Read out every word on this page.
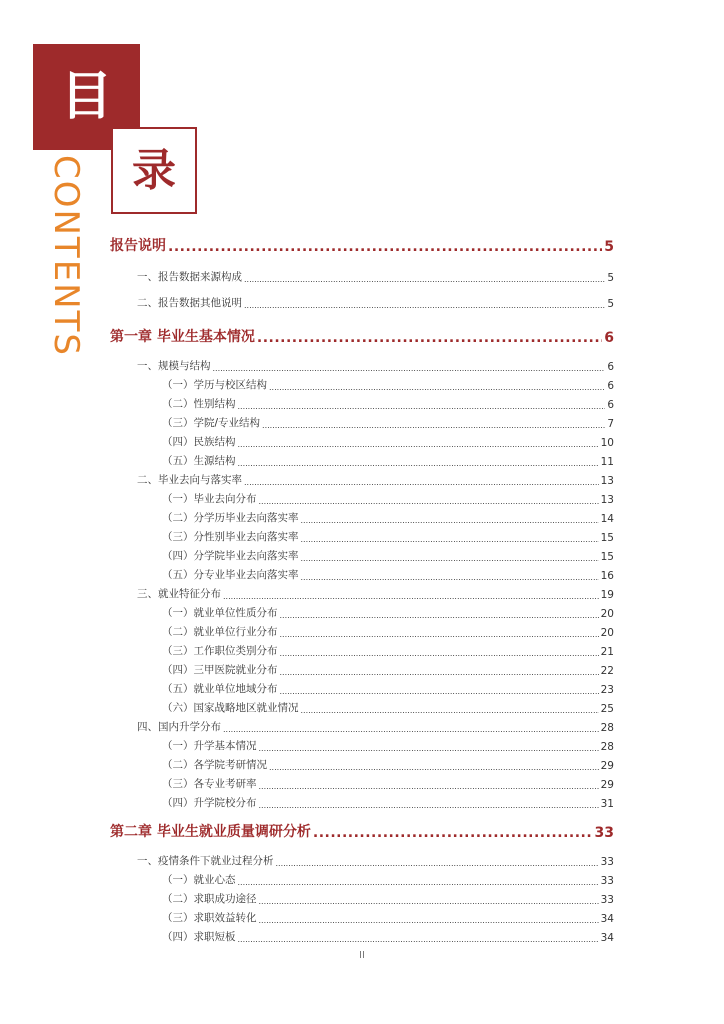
目
录
CONTENTS 报告说明 .....	5
一、报告数据来源构成 .....	5
二、报告数据其他说明 .....	5
第一章 毕业生基本情况 .....	6
一、规模与结构 .....	6
（一）学历与校区结构 .....	6
（二）性别结构 .....	6
（三）学院/专业结构 .....	7
（四）民族结构 .....	10
（五）生源结构 .....	11
二、毕业去向与落实率 .....	13
（一）毕业去向分布 .....	13
（二）分学历毕业去向落实率 .....	14
（三）分性别毕业去向落实率 .....	15
（四）分学院毕业去向落实率 .....	15
（五）分专业毕业去向落实率 .....	16
三、就业特征分布 .....	19
（一）就业单位性质分布 .....	20
（二）就业单位行业分布 .....	20
（三）工作职位类别分布 .....	21
（四）三甲医院就业分布 .....	22
（五）就业单位地域分布 .....	23
（六）国家战略地区就业情况 .....	25
四、国内升学分布 .....	28
（一）升学基本情况 .....	28
（二）各学院考研情况 .....	29
（三）各专业考研率 .....	29
（四）升学院校分布 .....	31
第二章 毕业生就业质量调研分析 .....	33
一、疫情条件下就业过程分析 .....	33
（一）就业心态 .....	33
（二）求职成功途径 .....	33
（三）求职效益转化 .....	34
（四）求职短板 .....	34
II
